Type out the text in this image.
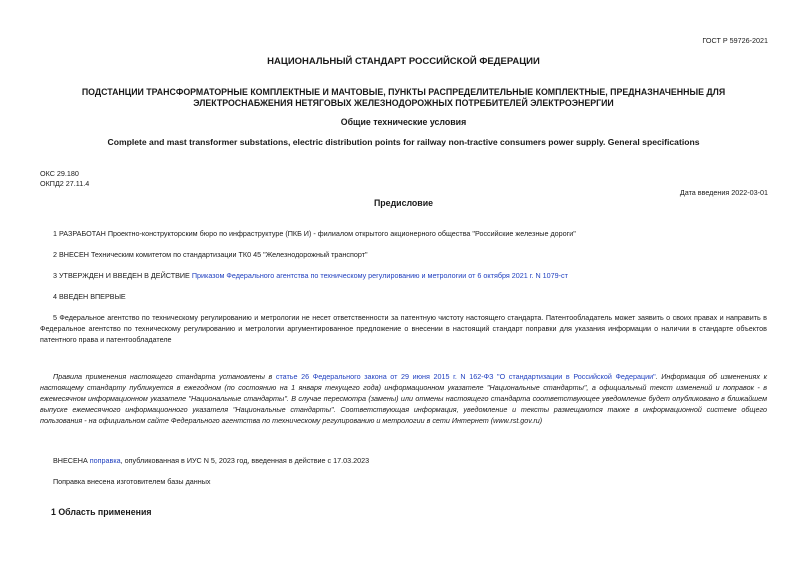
ГОСТ Р 59726-2021
НАЦИОНАЛЬНЫЙ СТАНДАРТ РОССИЙСКОЙ ФЕДЕРАЦИИ
ПОДСТАНЦИИ ТРАНСФОРМАТОРНЫЕ КОМПЛЕКТНЫЕ И МАЧТОВЫЕ, ПУНКТЫ РАСПРЕДЕЛИТЕЛЬНЫЕ КОМПЛЕКТНЫЕ, ПРЕДНАЗНАЧЕННЫЕ ДЛЯ
ЭЛЕКТРОСНАБЖЕНИЯ НЕТЯГОВЫХ ЖЕЛЕЗНОДОРОЖНЫХ ПОТРЕБИТЕЛЕЙ ЭЛЕКТРОЭНЕРГИИ
Общие технические условия
Complete and mast transformer substations, electric distribution points for railway non-tractive consumers power supply. General specifications
ОКС 29.180
ОКПД2 27.11.4
Дата введения 2022-03-01
Предисловие
1 РАЗРАБОТАН Проектно-конструкторским бюро по инфраструктуре (ПКБ И) - филиалом открытого акционерного общества "Российские железные дороги"
2 ВНЕСЕН Техническим комитетом по стандартизации ТК0 45 "Железнодорожный транспорт"
3 УТВЕРЖДЕН И ВВЕДЕН В ДЕЙСТВИЕ Приказом Федерального агентства по техническому регулированию и метрологии от 6 октября 2021 г. N 1079-ст
4 ВВЕДЕН ВПЕРВЫЕ
5 Федеральное агентство по техническому регулированию и метрологии не несет ответственности за патентную чистоту настоящего стандарта. Патентообладатель может заявить о своих правах и направить в Федеральное агентство по техническому регулированию и метрологии аргументированное предложение о внесении в настоящий стандарт поправки для указания информации о наличии в стандарте объектов патентного права и патентообладателе
Правила применения настоящего стандарта установлены в статье 26 Федерального закона от 29 июня 2015 г. N 162-ФЗ "О стандартизации в Российской Федерации". Информация об изменениях к настоящему стандарту публикуется в ежегодном (по состоянию на 1 января текущего года) информационном указателе "Национальные стандарты", а официальный текст изменений и поправок - в ежемесячном информационном указателе "Национальные стандарты". В случае пересмотра (замены) или отмены настоящего стандарта соответствующее уведомление будет опубликовано в ближайшем выпуске ежемесячного информационного указателя "Национальные стандарты". Соответствующая информация, уведомление и тексты размещаются также в информационной системе общего пользования - на официальном сайте Федерального агентства по техническому регулированию и метрологии в сети Интернет (www.rst.gov.ru)
ВНЕСЕНА поправка, опубликованная в ИУС N 5, 2023 год, введенная в действие с 17.03.2023
Поправка внесена изготовителем базы данных
1 Область применения
